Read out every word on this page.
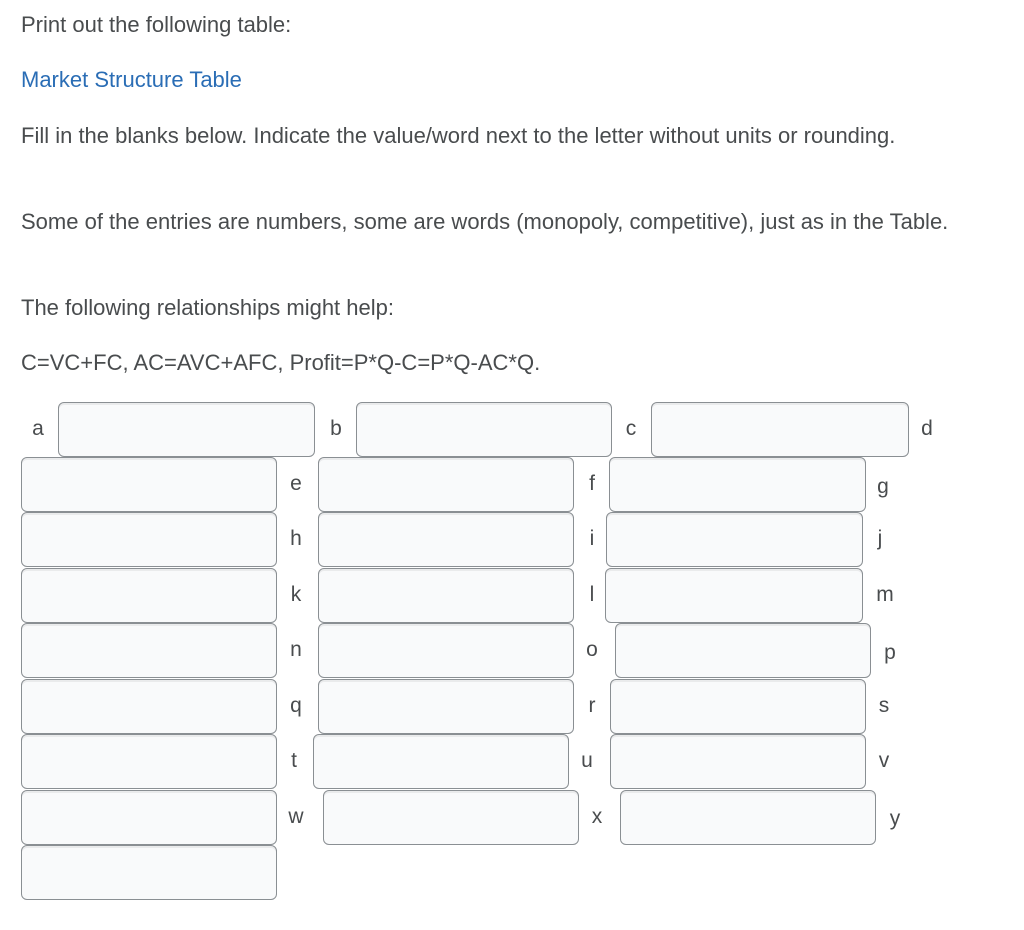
Print out the following table:

Market Structure Table

Fill in the blanks below. Indicate the value/word next to the letter without units or rounding.

Some of the entries are numbers, some are words (monopoly, competitive), just as in the Table.

The following relationships might help:

C=VC+FC, AC=AVC+AFC, Profit=P*Q-C=P*Q-AC*Q.

a	b	c	d
e	f	g
h	i	j
k	l	m
n	o	p
q	r	s
t	u	v
w	x	y
